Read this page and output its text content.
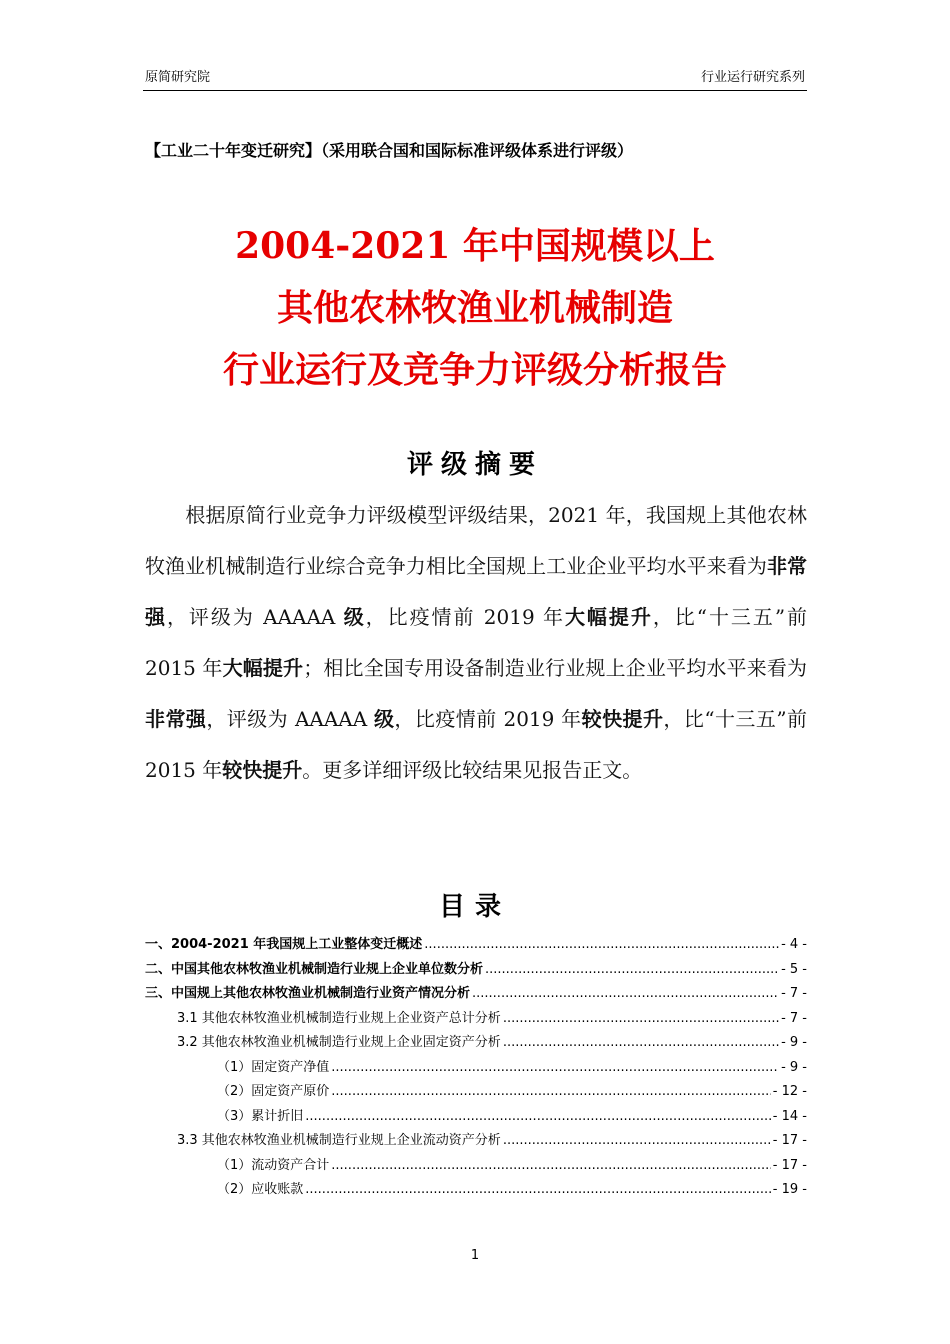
原简研究院	行业运行研究系列
【工业二十年变迁研究】（采用联合国和国际标准评级体系进行评级）
2004-2021 年中国规模以上
其他农林牧渔业机械制造
行业运行及竞争力评级分析报告
评级摘要
　　根据原简行业竞争力评级模型评级结果，2021 年，我国规上其他农林牧渔业机械制造行业综合竞争力相比全国规上工业企业平均水平来看为非常强，评级为 AAAAA 级，比疫情前 2019 年大幅提升，比“十三五”前 2015 年大幅提升；相比全国专用设备制造业行业规上企业平均水平来看为非常强，评级为 AAAAA 级，比疫情前 2019 年较快提升，比“十三五”前 2015 年较快提升。更多详细评级比较结果见报告正文。
目录
一、2004-2021 年我国规上工业整体变迁概述 .....	- 4 -
二、中国其他农林牧渔业机械制造行业规上企业单位数分析 .....	- 5 -
三、中国规上其他农林牧渔业机械制造行业资产情况分析 .....	- 7 -
3.1 其他农林牧渔业机械制造行业规上企业资产总计分析 .....	- 7 -
3.2 其他农林牧渔业机械制造行业规上企业固定资产分析 .....	- 9 -
（1）固定资产净值 .....	- 9 -
（2）固定资产原价 .....	- 12 -
（3）累计折旧 .....	- 14 -
3.3 其他农林牧渔业机械制造行业规上企业流动资产分析 .....	- 17 -
（1）流动资产合计 .....	- 17 -
（2）应收账款 .....	- 19 -
1
